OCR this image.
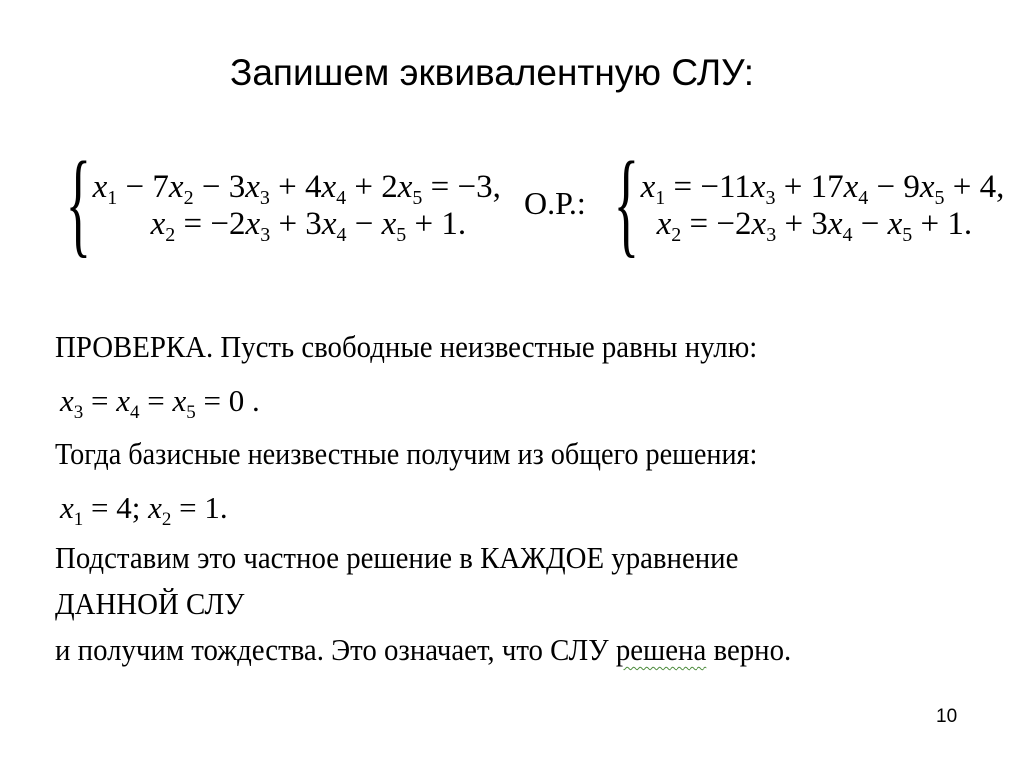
Запишем эквивалентную СЛУ:
{ $x_1 - 7x_2 - 3x_3 + 4x_4 + 2x_5 = -3$,
$x_2 = -2x_3 + 3x_4 - x_5 + 1$.
О.Р.: { $x_1 = -11x_3 + 17x_4 - 9x_5 + 4$,
$x_2 = -2x_3 + 3x_4 - x_5 + 1$.
ПРОВЕРКА. Пусть свободные неизвестные равны нулю:
$x_3 = x_4 = x_5 = 0$ .
Тогда базисные неизвестные получим из общего решения:
$x_1 = 4$; $x_2 = 1$.
Подставим это частное решение в КАЖДОЕ уравнение
ДАННОЙ СЛУ
и получим тождества. Это означает, что СЛУ решена верно.
10
